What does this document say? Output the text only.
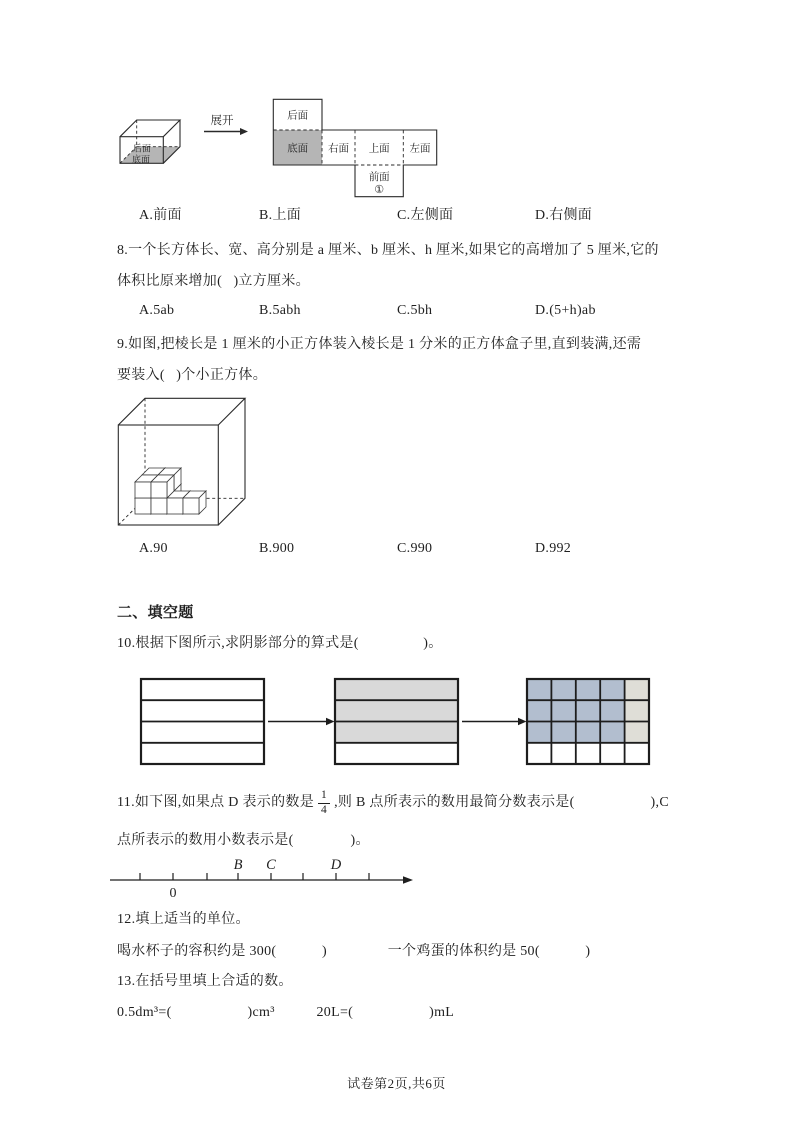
后面
底面
展开	后面
底面 右面 上面 左面
前面
①
A.前面	B.上面	C.左侧面	D.右侧面
8.一个长方体长、宽、高分别是 a 厘米、b 厘米、h 厘米,如果它的高增加了 5 厘米,它的
体积比原来增加(   )立方厘米。
A.5ab	B.5abh	C.5bh	D.(5+h)ab
9.如图,把棱长是 1 厘米的小正方体装入棱长是 1 分米的正方体盒子里,直到装满,还需
要装入(   )个小正方体。
A.90	B.900	C.990	D.992
二、填空题
10.根据下图所示,求阴影部分的算式是(                 )。
11.如下图,如果点 D 表示的数是 $\frac{1}{4}$ ,则 B 点所表示的数用最简分数表示是(                    ),C
点所表示的数用小数表示是(               )。
0
B C	D
12.填上适当的单位。
喝水杯子的容积约是 300(            )                一个鸡蛋的体积约是 50(            )
13.在括号里填上合适的数。
0.5dm³=(                    )cm³           20L=(                    )mL
试卷第2页,共6页
